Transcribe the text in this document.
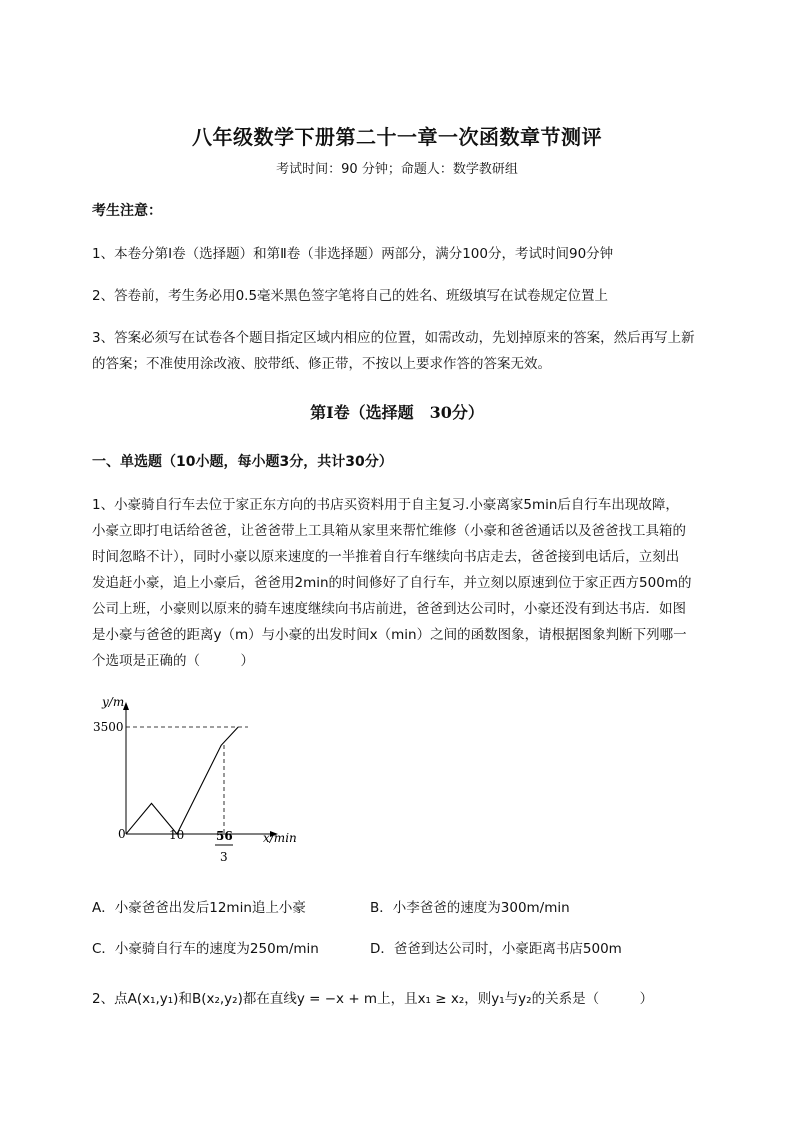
八年级数学下册第二十一章一次函数章节测评
考试时间：90 分钟；命题人：数学教研组
考生注意：
1、本卷分第I卷（选择题）和第Ⅱ卷（非选择题）两部分，满分100分，考试时间90分钟
2、答卷前，考生务必用0.5毫米黑色签字笔将自己的姓名、班级填写在试卷规定位置上
3、答案必须写在试卷各个题目指定区域内相应的位置，如需改动，先划掉原来的答案，然后再写上新
的答案；不准使用涂改液、胶带纸、修正带，不按以上要求作答的答案无效。
第I卷（选择题　30分）
一、单选题（10小题，每小题3分，共计30分）
1、小豪骑自行车去位于家正东方向的书店买资料用于自主复习.小豪离家5min后自行车出现故障，
小豪立即打电话给爸爸，让爸爸带上工具箱从家里来帮忙维修（小豪和爸爸通话以及爸爸找工具箱的
时间忽略不计），同时小豪以原来速度的一半推着自行车继续向书店走去，爸爸接到电话后，立刻出
发追赶小豪，追上小豪后，爸爸用2min的时间修好了自行车，并立刻以原速到位于家正西方500m的
公司上班，小豪则以原来的骑车速度继续向书店前进，爸爸到达公司时，小豪还没有到达书店．如图
是小豪与爸爸的距离y（m）与小豪的出发时间x（min）之间的函数图象，请根据图象判断下列哪一
个选项是正确的（　　　）
y/m
3500
0	10	56
3
x/min
A．小豪爸爸出发后12min追上小豪	B．小李爸爸的速度为300m/min
C．小豪骑自行车的速度为250m/min	D．爸爸到达公司时，小豪距离书店500m
2、点A(x₁,y₁)和B(x₂,y₂)都在直线y = −x + m上，且x₁ ≥ x₂，则y₁与y₂的关系是（　　　）
